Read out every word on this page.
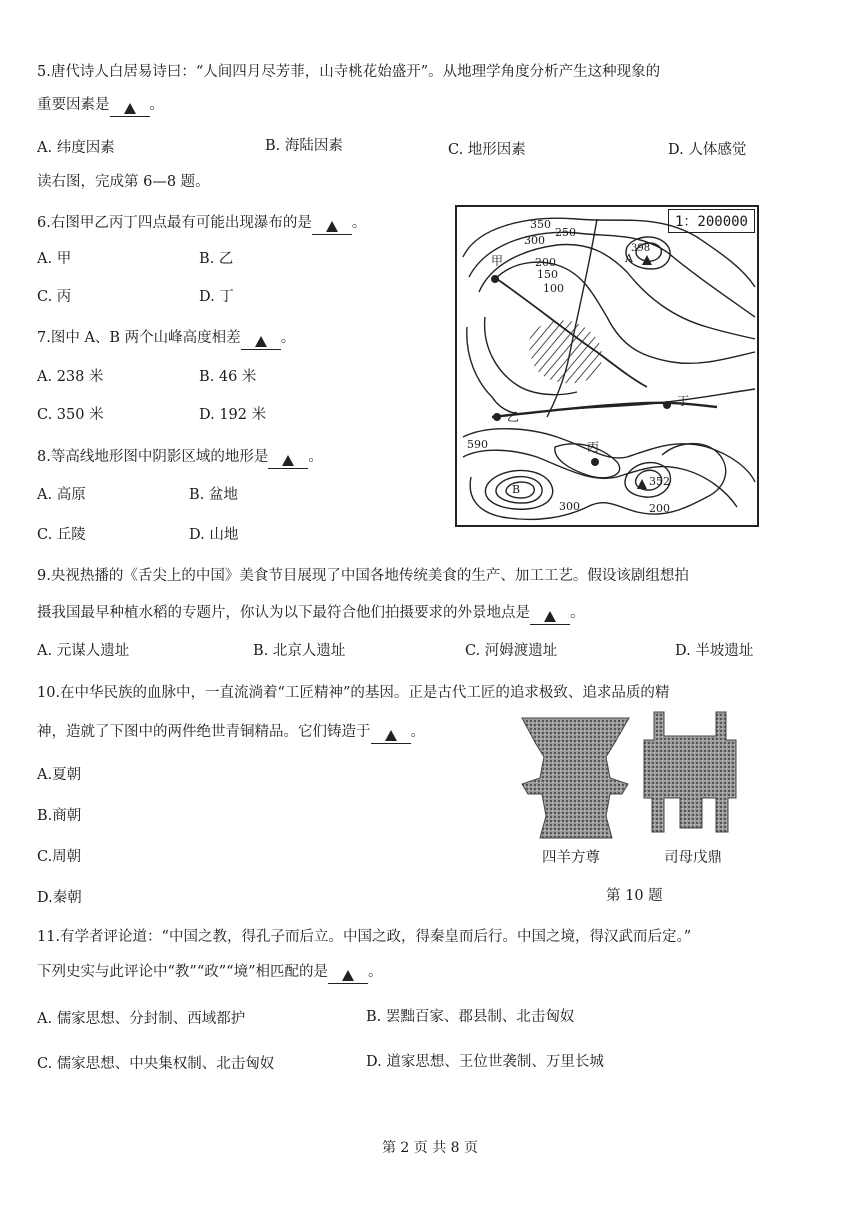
5.唐代诗人白居易诗曰：“人间四月尽芳菲，山寺桃花始盛开”。从地理学角度分析产生这种现象的
重要因素是	。
A. 纬度因素	B. 海陆因素	C. 地形因素	D. 人体感觉
读右图，完成第 6—8 题。
6.右图甲乙丙丁四点最有可能出现瀑布的是	。
A. 甲	B. 乙
C. 丙	D. 丁
7.图中 A、B 两个山峰高度相差	。
A. 238 米	B. 46 米
C. 350 米	D. 192 米
8.等高线地形图中阴影区域的地形是	。
A. 高原	B. 盆地
C. 丘陵	D. 山地
1：200000
350
300
250
200
150
100
590
300	200
A
398
B
352
甲
乙
丙
丁
9.央视热播的《舌尖上的中国》美食节目展现了中国各地传统美食的生产、加工工艺。假设该剧组想拍
摄我国最早种植水稻的专题片，你认为以下最符合他们拍摄要求的外景地点是	。
A. 元谋人遗址	B. 北京人遗址	C. 河姆渡遗址	D. 半坡遗址
10.在中华民族的血脉中，一直流淌着“工匠精神”的基因。正是古代工匠的追求极致、追求品质的精
神，造就了下图中的两件绝世青铜精品。它们铸造于	。
A.夏朝
B.商朝
C.周朝
D.秦朝
四羊方尊	司母戊鼎
第 10 题
11.有学者评论道：“中国之教，得孔子而后立。中国之政，得秦皇而后行。中国之境，得汉武而后定。”
下列史实与此评论中“教”“政”“境”相匹配的是	。
A. 儒家思想、分封制、西域都护	B. 罢黜百家、郡县制、北击匈奴
C. 儒家思想、中央集权制、北击匈奴	D. 道家思想、王位世袭制、万里长城
第 2 页 共 8 页
